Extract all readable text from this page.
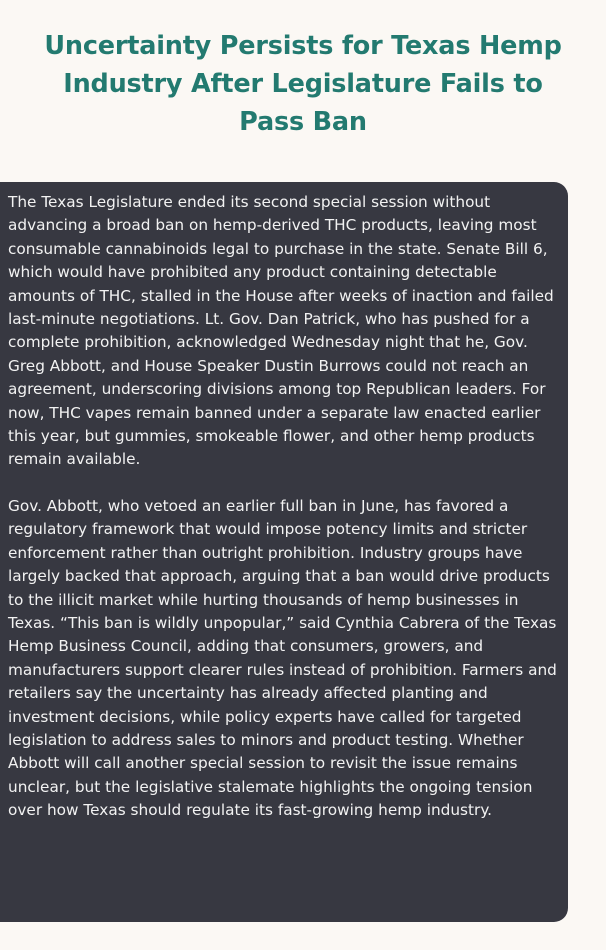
Uncertainty Persists for Texas Hemp Industry After Legislature Fails to Pass Ban

The Texas Legislature ended its second special session without advancing a broad ban on hemp-derived THC products, leaving most consumable cannabinoids legal to purchase in the state. Senate Bill 6, which would have prohibited any product containing detectable amounts of THC, stalled in the House after weeks of inaction and failed last-minute negotiations. Lt. Gov. Dan Patrick, who has pushed for a complete prohibition, acknowledged Wednesday night that he, Gov. Greg Abbott, and House Speaker Dustin Burrows could not reach an agreement, underscoring divisions among top Republican leaders. For now, THC vapes remain banned under a separate law enacted earlier this year, but gummies, smokeable flower, and other hemp products remain available.

Gov. Abbott, who vetoed an earlier full ban in June, has favored a regulatory framework that would impose potency limits and stricter enforcement rather than outright prohibition. Industry groups have largely backed that approach, arguing that a ban would drive products to the illicit market while hurting thousands of hemp businesses in Texas. “This ban is wildly unpopular,” said Cynthia Cabrera of the Texas Hemp Business Council, adding that consumers, growers, and manufacturers support clearer rules instead of prohibition. Farmers and retailers say the uncertainty has already affected planting and investment decisions, while policy experts have called for targeted legislation to address sales to minors and product testing. Whether Abbott will call another special session to revisit the issue remains unclear, but the legislative stalemate highlights the ongoing tension over how Texas should regulate its fast-growing hemp industry.
